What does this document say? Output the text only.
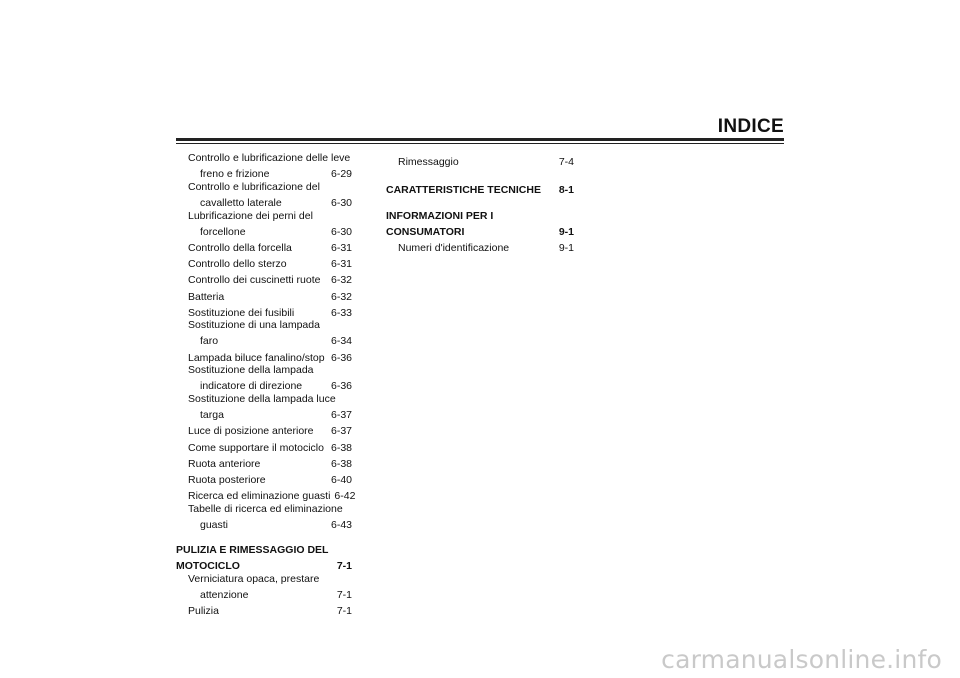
INDICE
Controllo e lubrificazione delle leve
freno e frizione .....	6-29
Controllo e lubrificazione del
cavalletto laterale .....	6-30
Lubrificazione dei perni del
forcellone .....	6-30
Controllo della forcella .....	6-31
Controllo dello sterzo .....	6-31
Controllo dei cuscinetti ruote ..... 6-32
Batteria .....	6-32
Sostituzione dei fusibili .....	6-33
Sostituzione di una lampada
faro .....	6-34
Lampada biluce fanalino/stop ..... 6-36
Sostituzione della lampada
indicatore di direzione .....	6-36
Sostituzione della lampada luce
targa .....	6-37
Luce di posizione anteriore ..... 6-37
Come supportare il motociclo ..... 6-38
Ruota anteriore .....	6-38
Ruota posteriore .....	6-40
Ricerca ed eliminazione guasti 6-42
Tabelle di ricerca ed eliminazione
guasti .....	6-43
PULIZIA E RIMESSAGGIO DEL
MOTOCICLO .....	7-1
Verniciatura opaca, prestare
attenzione .....	7-1
Pulizia .....	7-1
Rimessaggio .....	7-4
CARATTERISTICHE TECNICHE ..... 8-1
INFORMAZIONI PER I
CONSUMATORI .....	9-1
Numeri d'identificazione .....	9-1
carmanualsonline.info
